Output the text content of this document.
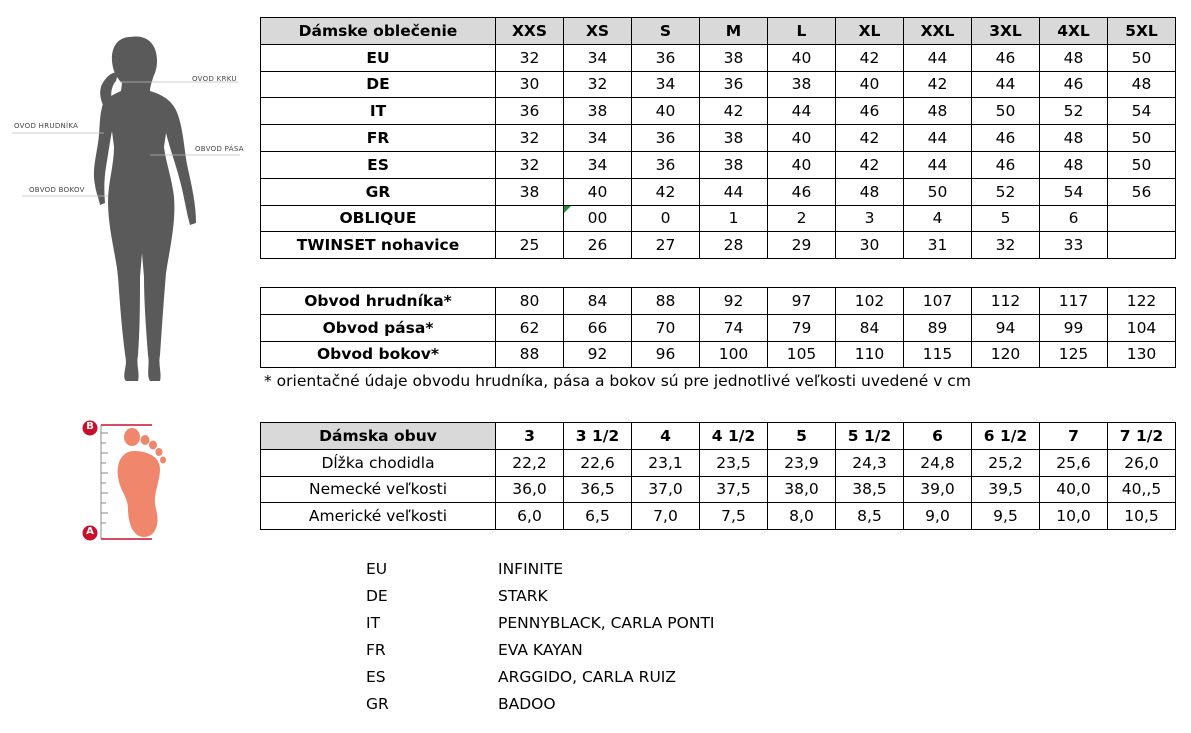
OVOD KRKU
OVOD HRUDNÍKA
OBVOD PÁSA
OBVOD BOKOV
B
A
Dámske oblečenie	XXS	XS	S	M	L	XL	XXL	3XL	4XL	5XL
EU	32	34	36	38	40	42	44	46	48	50
DE	30	32	34	36	38	40	42	44	46	48
IT	36	38	40	42	44	46	48	50	52	54
FR	32	34	36	38	40	42	44	46	48	50
ES	32	34	36	38	40	42	44	46	48	50
GR	38	40	42	44	46	48	50	52	54	56
OBLIQUE		00	0	1	2	3	4	5	6	
TWINSET nohavice	25	26	27	28	29	30	31	32	33	
Obvod hrudníka*	80	84	88	92	97	102	107	112	117	122
Obvod pása*	62	66	70	74	79	84	89	94	99	104
Obvod bokov*	88	92	96	100	105	110	115	120	125	130
* orientačné údaje obvodu hrudníka, pása a bokov sú pre jednotlivé veľkosti uvedené v cm
Dámska obuv	3	3 1/2	4	4 1/2	5	5 1/2	6	6 1/2	7	7 1/2
Dĺžka chodidla	22,2	22,6	23,1	23,5	23,9	24,3	24,8	25,2	25,6	26,0
Nemecké veľkosti	36,0	36,5	37,0	37,5	38,0	38,5	39,0	39,5	40,0	40,,5
Americké veľkosti	6,0	6,5	7,0	7,5	8,0	8,5	9,0	9,5	10,0	10,5
EU	INFINITE
DE	STARK
IT	PENNYBLACK, CARLA PONTI
FR	EVA KAYAN
ES	ARGGIDO, CARLA RUIZ
GR	BADOO
